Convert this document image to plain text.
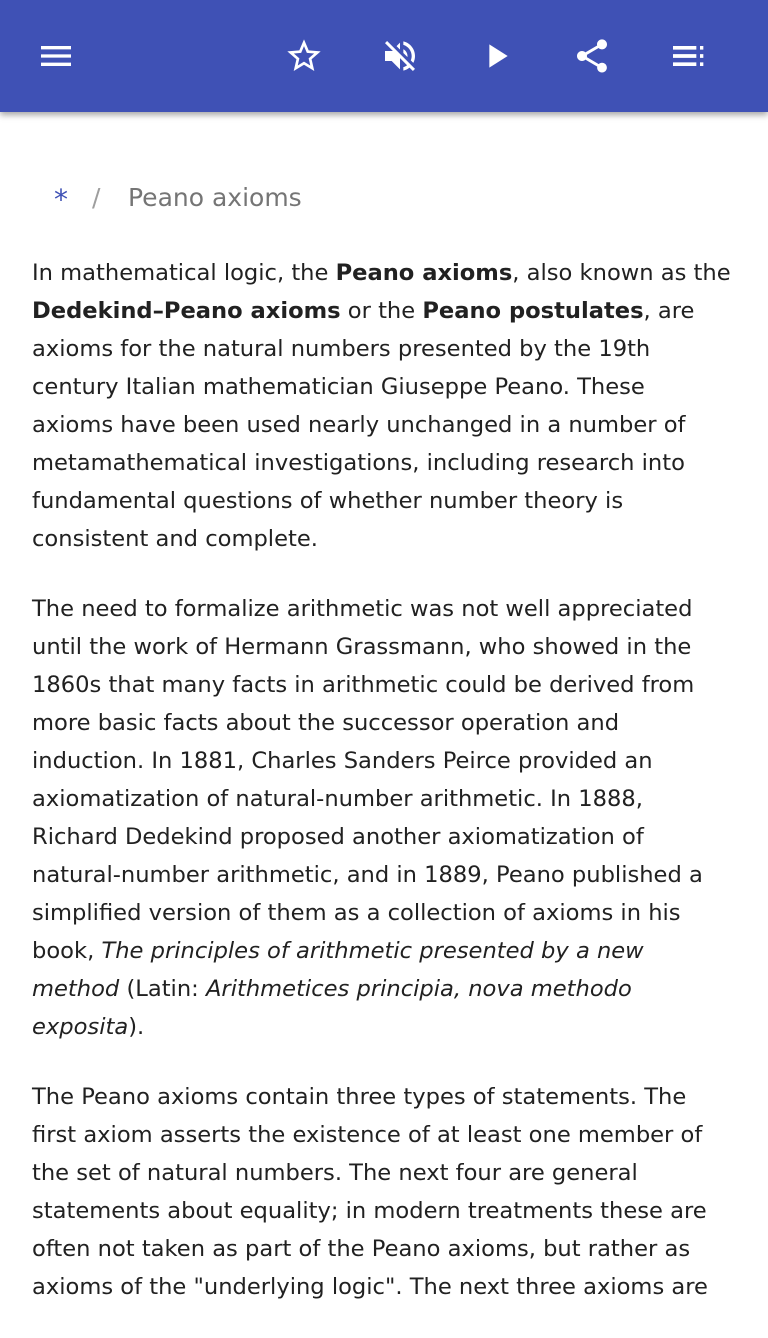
* / Peano axioms

In mathematical logic, the Peano axioms, also known as the Dedekind–Peano axioms or the Peano postulates, are axioms for the natural numbers presented by the 19th century Italian mathematician Giuseppe Peano. These axioms have been used nearly unchanged in a number of metamathematical investigations, including research into fundamental questions of whether number theory is consistent and complete.

The need to formalize arithmetic was not well appreciated until the work of Hermann Grassmann, who showed in the 1860s that many facts in arithmetic could be derived from more basic facts about the successor operation and induction. In 1881, Charles Sanders Peirce provided an axiomatization of natural-number arithmetic. In 1888, Richard Dedekind proposed another axiomatization of natural-number arithmetic, and in 1889, Peano published a simplified version of them as a collection of axioms in his book, The principles of arithmetic presented by a new method (Latin: Arithmetices principia, nova methodo exposita).

The Peano axioms contain three types of statements. The first axiom asserts the existence of at least one member of the set of natural numbers. The next four are general statements about equality; in modern treatments these are often not taken as part of the Peano axioms, but rather as axioms of the "underlying logic". The next three axioms are
